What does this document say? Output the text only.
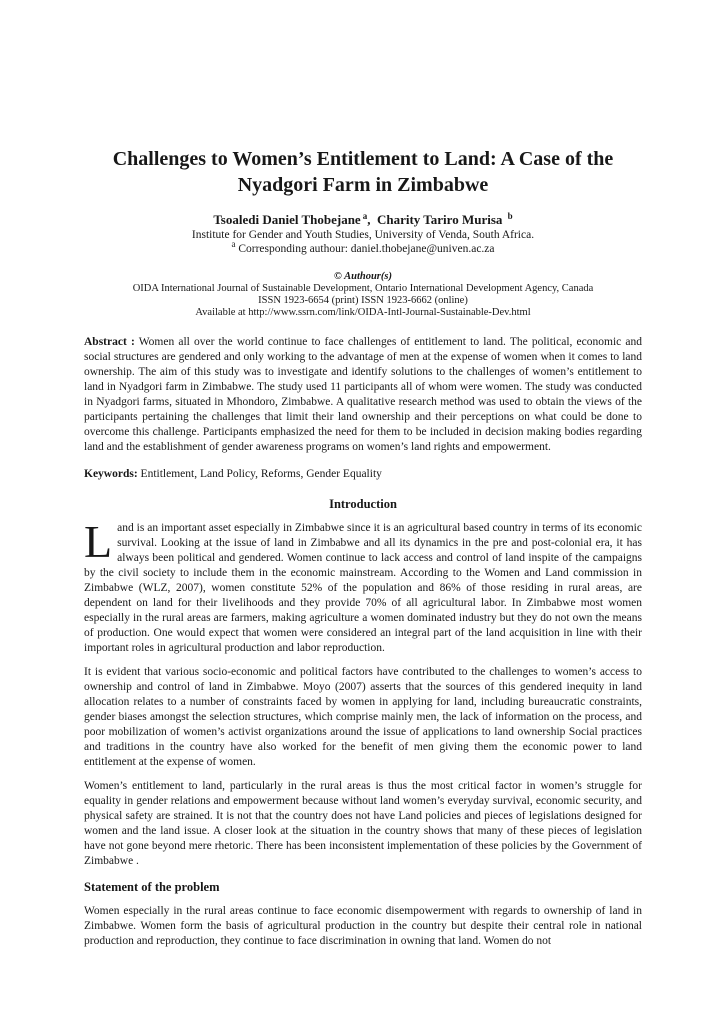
Challenges to Women’s Entitlement to Land: A Case of the Nyadgori Farm in Zimbabwe
Tsoaledi Daniel Thobejane $^a$,  Charity Tariro Murisa $^b$
Institute for Gender and Youth Studies, University of Venda, South Africa.
$^a$ Corresponding authour: daniel.thobejane@univen.ac.za
© Authour(s)
OIDA International Journal of Sustainable Development, Ontario International Development Agency, Canada
ISSN 1923-6654 (print) ISSN 1923-6662 (online)
Available at http://www.ssrn.com/link/OIDA-Intl-Journal-Sustainable-Dev.html

Abstract : Women all over the world continue to face challenges of entitlement to land. The political, economic and social structures are gendered and only working to the advantage of men at the expense of women when it comes to land ownership. The aim of this study was to investigate and identify solutions to the challenges of women’s entitlement to land in Nyadgori farm in Zimbabwe. The study used 11 participants all of whom were women. The study was conducted in Nyadgori farms, situated in Mhondoro, Zimbabwe. A qualitative research method was used to obtain the views of the participants pertaining the challenges that limit their land ownership and their perceptions on what could be done to overcome this challenge. Participants emphasized the need for them to be included in decision making bodies regarding land and the establishment of gender awareness programs on women’s land rights and empowerment.

Keywords: Entitlement, Land Policy, Reforms, Gender Equality

Introduction

Land is an important asset especially in Zimbabwe since it is an agricultural based country in terms of its economic survival. Looking at the issue of land in Zimbabwe and all its dynamics in the pre and post-colonial era, it has always been political and gendered. Women continue to lack access and control of land inspite of the campaigns by the civil society to include them in the economic mainstream. According to the Women and Land commission in Zimbabwe (WLZ, 2007), women constitute 52% of the population and 86% of those residing in rural areas, are dependent on land for their livelihoods and they provide 70% of all agricultural labor. In Zimbabwe most women especially in the rural areas are farmers, making agriculture a women dominated industry but they do not own the means of production. One would expect that women were considered an integral part of the land acquisition in line with their important roles in agricultural production and labor reproduction.

It is evident that various socio-economic and political factors have contributed to the challenges to women’s access to ownership and control of land in Zimbabwe. Moyo (2007) asserts that the sources of this gendered inequity in land allocation relates to a number of constraints faced by women in applying for land, including bureaucratic constraints, gender biases amongst the selection structures, which comprise mainly men, the lack of information on the process, and poor mobilization of women’s activist organizations around the issue of applications to land ownership Social practices and traditions in the country have also worked for the benefit of men giving them the economic power to land entitlement at the expense of women.

Women’s entitlement to land, particularly in the rural areas is thus the most critical factor in women’s struggle for equality in gender relations and empowerment because without land women’s everyday survival, economic security, and physical safety are strained. It is not that the country does not have Land policies and pieces of legislations designed for women and the land issue. A closer look at the situation in the country shows that many of these pieces of legislation have not gone beyond mere rhetoric. There has been inconsistent implementation of these policies by the Government of Zimbabwe .

Statement of the problem

Women especially in the rural areas continue to face economic disempowerment with regards to ownership of land in Zimbabwe. Women form the basis of agricultural production in the country but despite their central role in national production and reproduction, they continue to face discrimination in owning that land. Women do not
